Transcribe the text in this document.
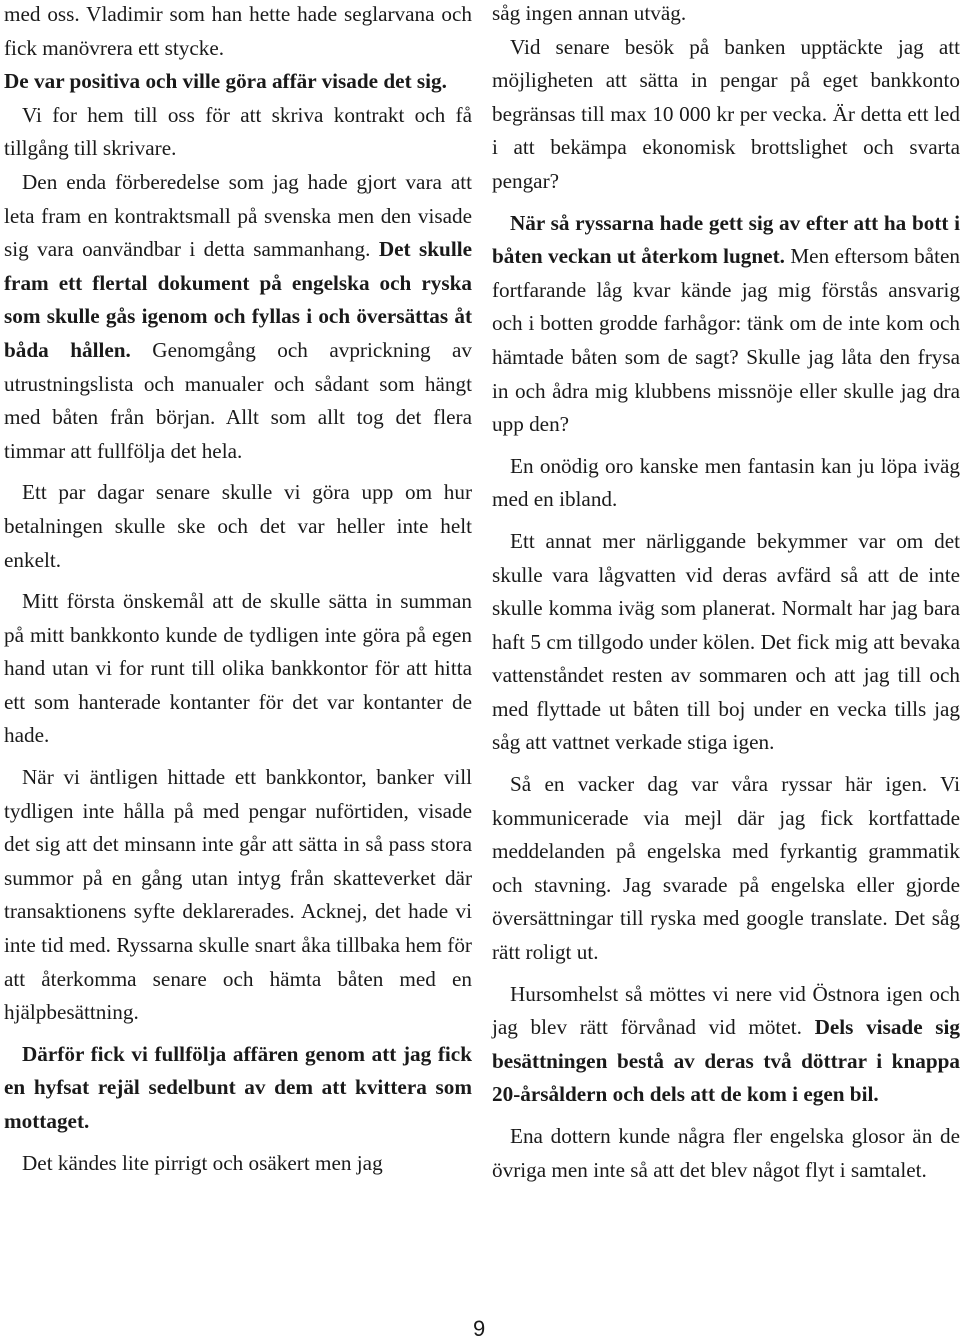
med oss. Vladimir som han hette hade seglarvana och fick manövrera ett stycke.

De var positiva och ville göra affär visade det sig.

Vi for hem till oss för att skriva kontrakt och få tillgång till skrivare.

Den enda förberedelse som jag hade gjort vara att leta fram en kontraktsmall på svenska men den visade sig vara oanvändbar i detta sammanhang. Det skulle fram ett flertal dokument på engelska och ryska som skulle gås igenom och fyllas i och översättas åt båda hållen. Genomgång och avprickning av utrustningslista och manualer och sådant som hängt med båten från början. Allt som allt tog det flera timmar att fullfölja det hela.

Ett par dagar senare skulle vi göra upp om hur betalningen skulle ske och det var heller inte helt enkelt.

Mitt första önskemål att de skulle sätta in summan på mitt bankkonto kunde de tydligen inte göra på egen hand utan vi for runt till olika bankkontor för att hitta ett som hanterade kontanter för det var kontanter de hade.

När vi äntligen hittade ett bankkontor, banker vill tydligen inte hålla på med pengar nuförtiden, visade det sig att det minsann inte går att sätta in så pass stora summor på en gång utan intyg från skatteverket där transaktionens syfte deklarerades. Acknej, det hade vi inte tid med. Ryssarna skulle snart åka tillbaka hem för att återkomma senare och hämta båten med en hjälpbesättning.

Därför fick vi fullfölja affären genom att jag fick en hyfsat rejäl sedelbunt av dem att kvittera som mottaget.

Det kändes lite pirrigt och osäkert men jag

såg ingen annan utväg.

Vid senare besök på banken upptäckte jag att möjligheten att sätta in pengar på eget bankkonto begränsas till max 10 000 kr per vecka. Är detta ett led i att bekämpa ekonomisk brottslighet och svarta pengar?

När så ryssarna hade gett sig av efter att ha bott i båten veckan ut återkom lugnet. Men eftersom båten fortfarande låg kvar kände jag mig förstås ansvarig och i botten grodde farhågor: tänk om de inte kom och hämtade båten som de sagt? Skulle jag låta den frysa in och ådra mig klubbens missnöje eller skulle jag dra upp den?

En onödig oro kanske men fantasin kan ju löpa iväg med en ibland.

Ett annat mer närliggande bekymmer var om det skulle vara lågvatten vid deras avfärd så att de inte skulle komma iväg som planerat. Normalt har jag bara haft 5 cm tillgodo under kölen. Det fick mig att bevaka vattenståndet resten av sommaren och att jag till och med flyttade ut båten till boj under en vecka tills jag såg att vattnet verkade stiga igen.

Så en vacker dag var våra ryssar här igen. Vi kommunicerade via mejl där jag fick kortfattade meddelanden på engelska med fyrkantig grammatik och stavning. Jag svarade på engelska eller gjorde översättningar till ryska med google translate. Det såg rätt roligt ut.

Hursomhelst så möttes vi nere vid Östnora igen och jag blev rätt förvånad vid mötet. Dels visade sig besättningen bestå av deras två döttrar i knappa 20-årsåldern och dels att de kom i egen bil.

Ena dottern kunde några fler engelska glosor än de övriga men inte så att det blev något flyt i samtalet.

9
